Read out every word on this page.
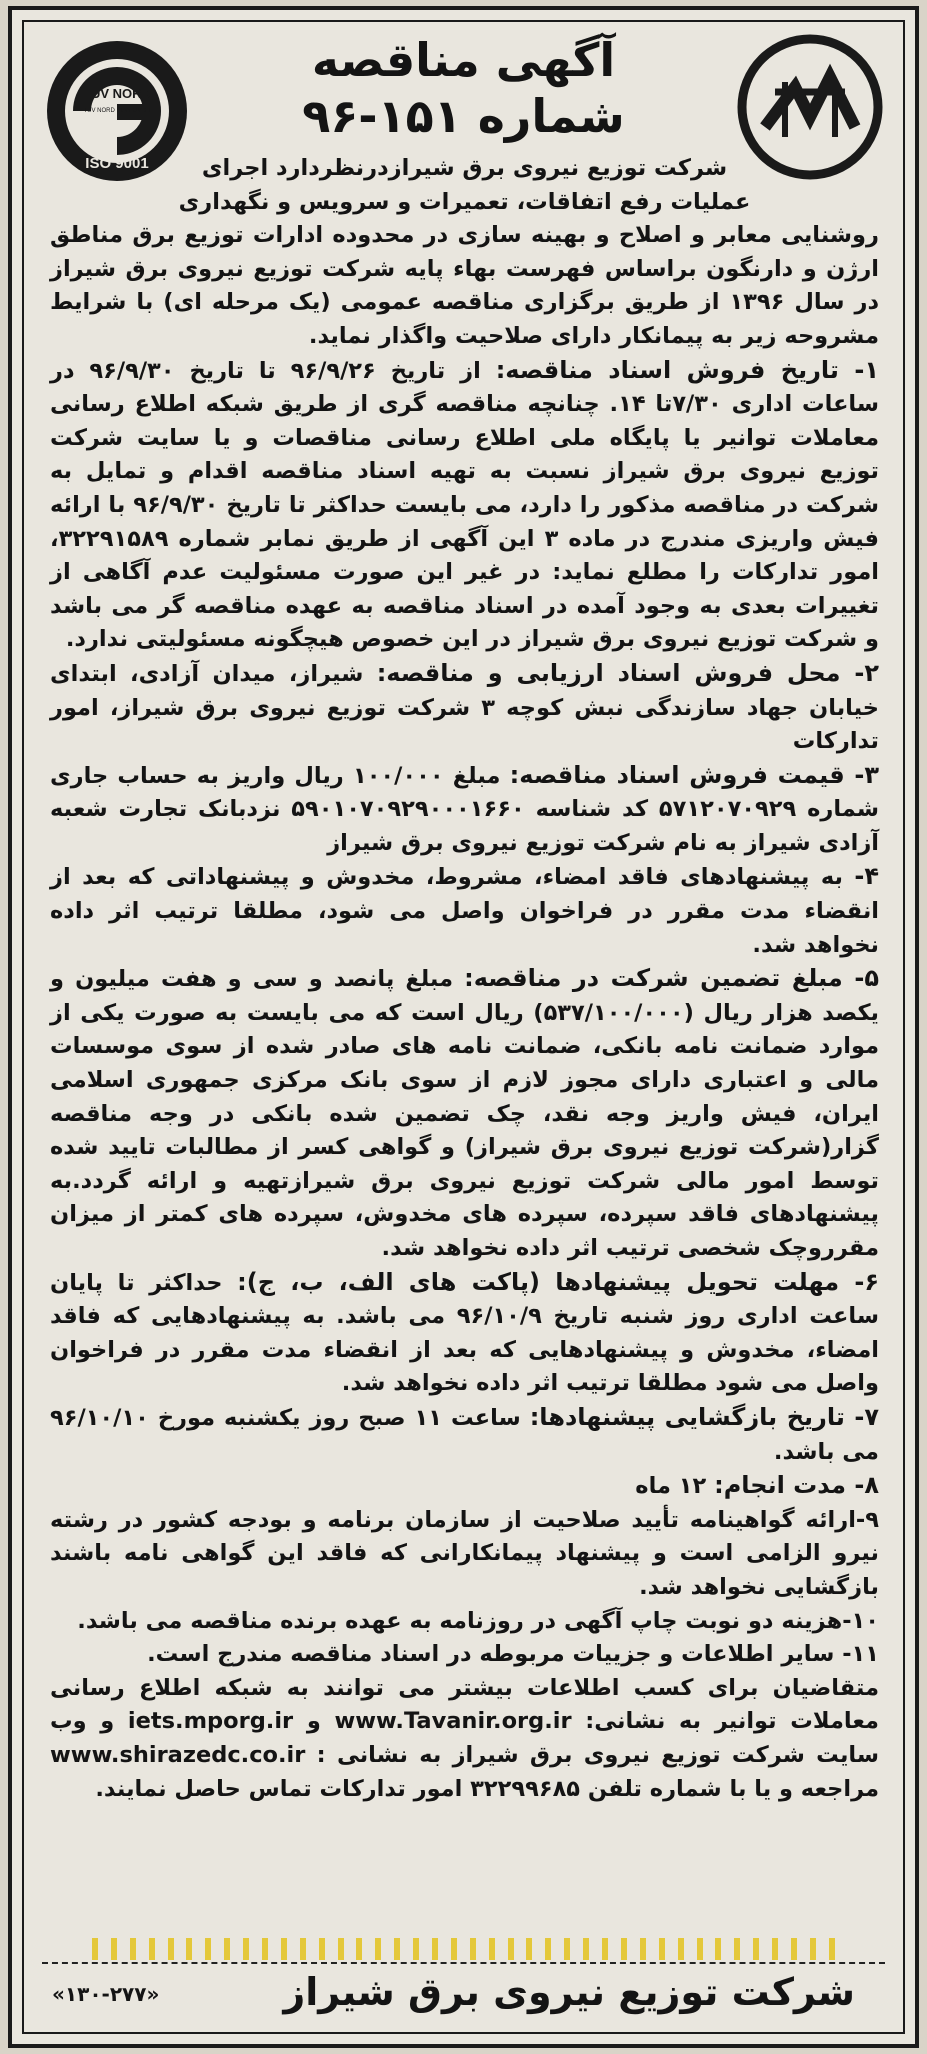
TUV NORD
TUV NORD IRAN GMBH
ISO 9001
آگهی مناقصه
شماره ۱۵۱-۹۶

شرکت توزیع نیروی برق شیرازدرنظردارد اجرای

عملیات رفع اتفاقات، تعمیرات و سرویس و نگهداری

روشنایی معابر و اصلاح و بهینه سازی در محدوده ادارات توزیع برق مناطق ارژن و دارنگون براساس فهرست بهاء پایه شرکت توزیع نیروی برق شیراز در سال ۱۳۹۶ از طریق برگزاری مناقصه عمومی (یک مرحله ای) با شرایط مشروحه زیر به پیمانکار دارای صلاحیت واگذار نماید.

۱- تاریخ فروش اسناد مناقصه: از تاریخ ۹۶/۹/۲۶ تا تاریخ ۹۶/۹/۳۰ در ساعات اداری ۷/۳۰تا ۱۴. چنانچه مناقصه گری از طریق شبکه اطلاع رسانی معاملات توانیر یا پایگاه ملی اطلاع رسانی مناقصات و یا سایت شرکت توزیع نیروی برق شیراز نسبت به تهیه اسناد مناقصه اقدام و تمایل به شرکت در مناقصه مذکور را دارد، می بایست حداکثر تا تاریخ ۹۶/۹/۳۰ با ارائه فیش واریزی مندرج در ماده ۳ این آگهی از طریق نمابر شماره ۳۲۲۹۱۵۸۹، امور تدارکات را مطلع نماید: در غیر این صورت مسئولیت عدم آگاهی از تغییرات بعدی به وجود آمده در اسناد مناقصه به عهده مناقصه گر می باشد و شرکت توزیع نیروی برق شیراز در این خصوص هیچگونه مسئولیتی ندارد.

۲- محل فروش اسناد ارزیابی و مناقصه: شیراز، میدان آزادی، ابتدای خیابان جهاد سازندگی نبش کوچه ۳ شرکت توزیع نیروی برق شیراز، امور تدارکات

۳- قیمت فروش اسناد مناقصه: مبلغ ۱۰۰/۰۰۰ ریال واریز به حساب جاری شماره ۵۷۱۲۰۷۰۹۲۹ کد شناسه ۵۹۰۱۰۷۰۹۲۹۰۰۰۱۶۶۰ نزدبانک تجارت شعبه آزادی شیراز به نام شرکت توزیع نیروی برق شیراز

۴- به پیشنهادهای فاقد امضاء، مشروط، مخدوش و پیشنهاداتی که بعد از انقضاء مدت مقرر در فراخوان واصل می شود، مطلقا ترتیب اثر داده نخواهد شد.

۵- مبلغ تضمین شرکت در مناقصه: مبلغ پانصد و سی و هفت میلیون و یکصد هزار ریال (۵۳۷/۱۰۰/۰۰۰) ریال است که می بایست به صورت یکی از موارد ضمانت نامه بانکی، ضمانت نامه های صادر شده از سوی موسسات مالی و اعتباری دارای مجوز لازم از سوی بانک مرکزی جمهوری اسلامی ایران، فیش واریز وجه نقد، چک تضمین شده بانکی در وجه مناقصه گزار(شرکت توزیع نیروی برق شیراز) و گواهی کسر از مطالبات تایید شده توسط امور مالی شرکت توزیع نیروی برق شیرازتهیه و ارائه گردد.به پیشنهادهای فاقد سپرده، سپرده های مخدوش، سپرده های کمتر از میزان مقرروچک شخصی ترتیب اثر داده نخواهد شد.

۶- مهلت تحویل پیشنهادها (پاکت های الف، ب، ج): حداکثر تا پایان ساعت اداری روز شنبه تاریخ ۹۶/۱۰/۹ می باشد. به پیشنهادهایی که فاقد امضاء، مخدوش و پیشنهادهایی که بعد از انقضاء مدت مقرر در فراخوان واصل می شود مطلقا ترتیب اثر داده نخواهد شد.

۷- تاریخ بازگشایی پیشنهادها: ساعت ۱۱ صبح روز یکشنبه مورخ ۹۶/۱۰/۱۰ می باشد.

۸- مدت انجام: ۱۲ ماه

۹-ارائه گواهینامه تأیید صلاحیت از سازمان برنامه و بودجه کشور در رشته نیرو الزامی است و پیشنهاد پیمانکارانی که فاقد این گواهی نامه باشند بازگشایی نخواهد شد.

۱۰-هزینه دو نوبت چاپ آگهی در روزنامه به عهده برنده مناقصه می باشد.

۱۱- سایر اطلاعات و جزییات مربوطه در اسناد مناقصه مندرج است.

متقاضیان برای کسب اطلاعات بیشتر می توانند به شبکه اطلاع رسانی معاملات توانیر به نشانی: www.Tavanir.org.ir و iets.mporg.ir و وب سایت شرکت توزیع نیروی برق شیراز به نشانی : www.shirazedc.co.ir مراجعه و یا با شماره تلفن ۳۲۲۹۹۶۸۵ امور تدارکات تماس حاصل نمایند.

شرکت توزیع نیروی برق شیراز
«۱۳۰-۲۷۷»
